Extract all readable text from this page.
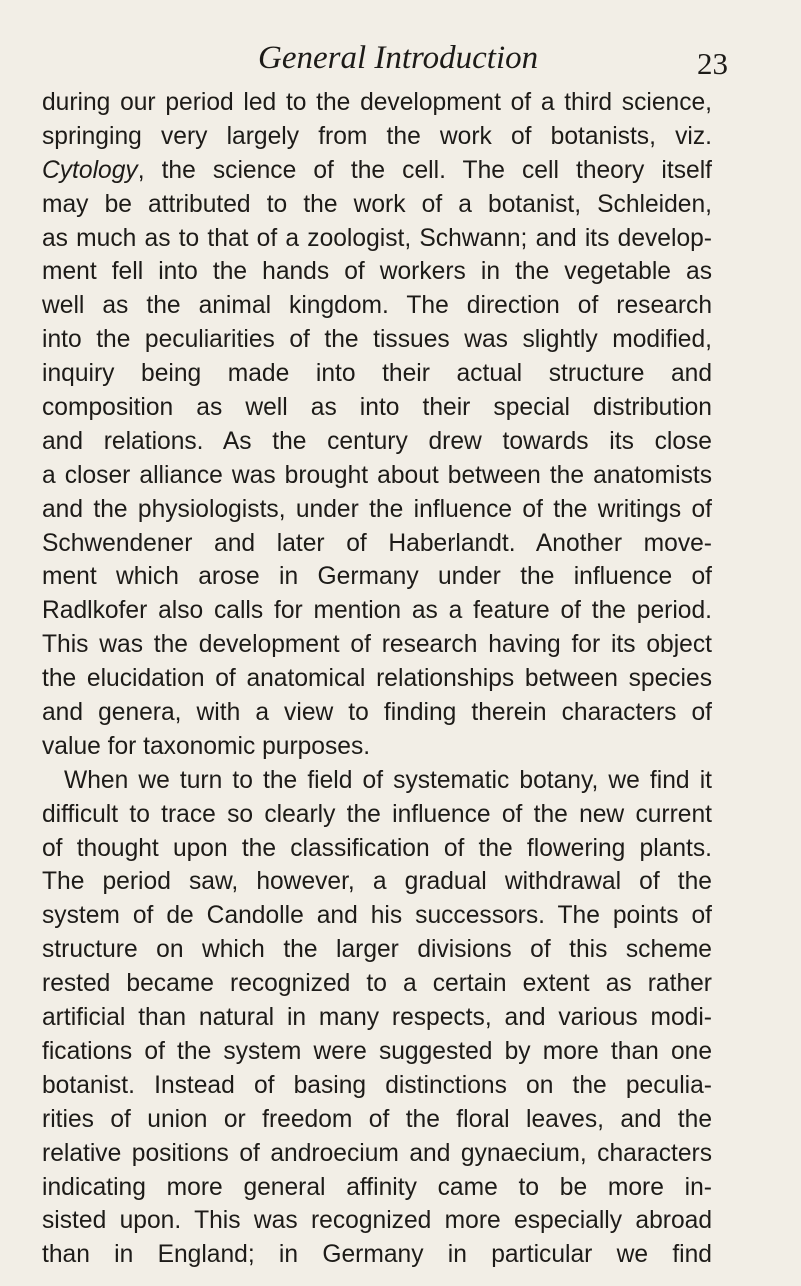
General Introduction	23
during our period led to the development of a third science,
springing very largely from the work of botanists, viz.
Cytology, the science of the cell. The cell theory itself
may be attributed to the work of a botanist, Schleiden,
as much as to that of a zoologist, Schwann; and its develop-
ment fell into the hands of workers in the vegetable as
well as the animal kingdom. The direction of research
into the peculiarities of the tissues was slightly modified,
inquiry being made into their actual structure and
composition as well as into their special distribution
and relations. As the century drew towards its close
a closer alliance was brought about between the anatomists
and the physiologists, under the influence of the writings of
Schwendener and later of Haberlandt. Another move-
ment which arose in Germany under the influence of
Radlkofer also calls for mention as a feature of the period.
This was the development of research having for its object
the elucidation of anatomical relationships between species
and genera, with a view to finding therein characters of
value for taxonomic purposes.
When we turn to the field of systematic botany, we find it
difficult to trace so clearly the influence of the new current
of thought upon the classification of the flowering plants.
The period saw, however, a gradual withdrawal of the
system of de Candolle and his successors. The points of
structure on which the larger divisions of this scheme
rested became recognized to a certain extent as rather
artificial than natural in many respects, and various modi-
fications of the system were suggested by more than one
botanist. Instead of basing distinctions on the peculia-
rities of union or freedom of the floral leaves, and the
relative positions of androecium and gynaecium, characters
indicating more general affinity came to be more in-
sisted upon. This was recognized more especially abroad
than in England; in Germany in particular we find
